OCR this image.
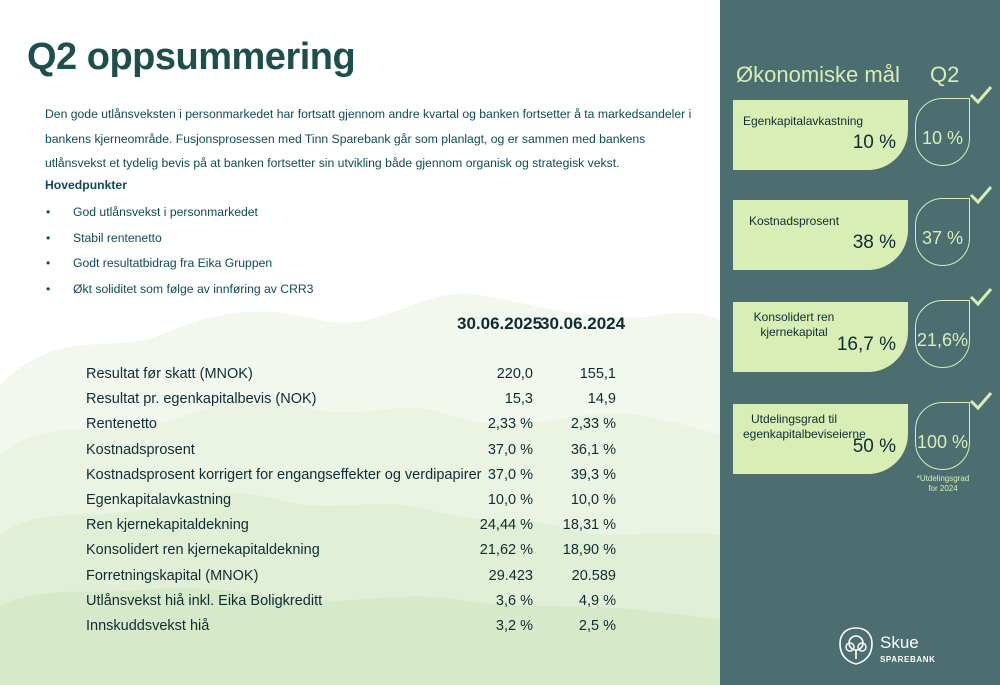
Q2 oppsummering

Den gode utlånsveksten i personmarkedet har fortsatt gjennom andre kvartal og banken fortsetter å ta markedsandeler i bankens kjerneområde. Fusjonsprosessen med Tinn Sparebank går som planlagt, og er sammen med bankens utlånsvekst et tydelig bevis på at banken fortsetter sin utvikling både gjennom organisk og strategisk vekst.

Hovedpunkter
• God utlånsvekst i personmarkedet
• Stabil rentenetto
• Godt resultatbidrag fra Eika Gruppen
• Økt soliditet som følge av innføring av CRR3
30.06.2025
30.06.2024
Resultat før skatt (MNOK)	220,0	155,1
Resultat pr. egenkapitalbevis (NOK)	15,3	14,9
Rentenetto	2,33 %	2,33 %
Kostnadsprosent	37,0 %	36,1 %
Kostnadsprosent korrigert for engangseffekter og verdipapirer 37,0 %	39,3 %
Egenkapitalavkastning	10,0 %	10,0 %
Ren kjernekapitaldekning	24,44 % 18,31 %
Konsolidert ren kjernekapitaldekning	21,62 % 18,90 %
Forretningskapital (MNOK)	29.423	20.589
Utlånsvekst hiå inkl. Eika Boligkreditt	3,6 %	4,9 %
Innskuddsvekst hiå	3,2 %	2,5 %
Økonomiske mål Q2
Egenkapitalavkastning
10 %	10 %
Kostnadsprosent
38 %	37 %
Konsolidert ren kjernekapital
16,7 % 21,6%
Utdelingsgrad til egenkapitalbeviseierne
50 % 100 %
*Utdelingsgrad for 2024
Skue
SPAREBANK
